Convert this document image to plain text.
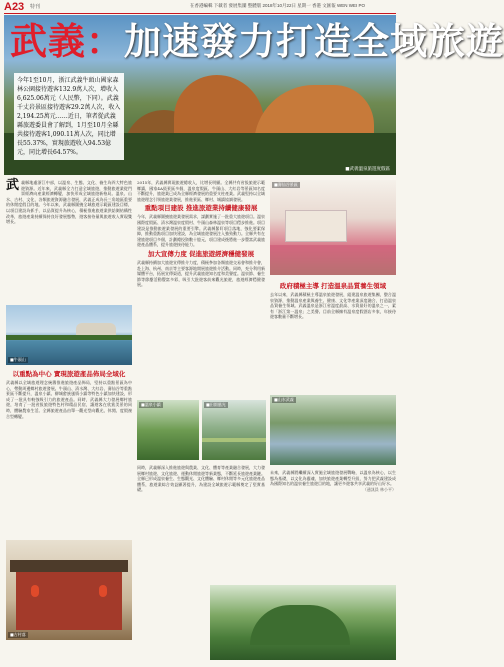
A23 特刊	在香港編輯 下載者 發展集團 整體版 2018年10月22日 星期一 香港 文匯報 WEN WEI PO
武義：加速發力打造全域旅遊
今年1至10月，浙江武義牛頭山國家森林公園接待遊客132.9萬人次，增收入6,625.06萬元（人民幣，下同）。武義千丈岩景區接待遊客29.2萬人次，收入2,194.25萬元……近日，筆者從武義縣旅遊委員會了解到，1月至10月全縣共接待遊客1,090.11萬人次，同比增長55.37%，實現旅遊收入94.53億元，同比增長64.57%。
■武義溫泉旅遊度假區
武義縣地處浙江中部，以溫泉、生態、文化、養生為四大特色旅遊資源。近年來，武義縣全力打造全域旅遊，推動旅遊業從門票經濟向產業經濟轉變，加快形成全域旅遊新格局。溫泉、山水、古村、文化，各類旅遊資源融合發展，武義正成為長三角地區重要的休閒度假目的地。今年以來，武義縣圍繞全域旅遊示範區建設目標，以項目建設為抓手，以品質提升為核心，積極推進旅遊業供給側結構性改革，旅遊產業持續保持良好發展態勢，遊客接待量與旅遊收入實現雙增長。
■牛頭山
以重點為中心 實現旅遊產品佈局全域化
武義縣以全域旅遊理念統籌推進旅遊產品佈局，堅持以重點景區為中心，帶動周邊鄉村旅遊發展。牛頭山、清水灣、大紅岩、壽仙谷等重點景區不斷提升，溫泉小鎮、柳城畲族風情小鎮等特色小鎮加快建設，形成了一批具有較強吸引力的旅遊產品。同時，武義縣大力發展鄉村旅遊，培育了一批省級旅遊特色村和精品民宿，讓遊客在欣賞美景的同時，體驗農家生活。全縣旅遊產品由單一觀光型向觀光、休閒、度假複合型轉變。
■古村落
2015年，武義縣實現旅遊總收入，比增長明顯。全縣共有省級旅遊示範鄉鎮，國家4A級景區多個，溫泉度假區、牛頭山、大紅岩等景區知名度不斷提升，旅遊業已成為全縣經濟發展的重要支柱產業。武義堅持以全域旅遊理念引領旅遊業發展，推進景區、鄉村、城鎮協調發展。
重點項目建設 推進旅遊業持續健康發展
今年，武義縣圍繞旅遊業發展需求，謀劃實施了一批重大旅遊項目。溫泉國際度假區、清水灣溫泉度假村、牛頭山森林溫泉等項目穩步推進。項目建設是推動旅遊業發展的重要引擎。武義縣緊盯項目落地，強化要素保障，推動重點項目加快建設，為全域旅遊發展注入強勁動力。全縣共有在建旅遊項目多個，計劃總投資數十億元，項目建成後將進一步豐富武義旅遊產品體系，提升旅遊接待能力。
加大宣傳力度 促進旅遊經濟穩健發展
武義縣持續加大旅遊宣傳推介力度，積極參加各類旅遊交易會和推介會，赴上海、杭州、南京等主要客源地開展旅遊推介活動。同時，充分利用新媒體平台，拓展宣傳渠道，提升武義旅遊知名度和美譽度。溫泉節、養生節等節慶活動豐富多彩，吸引大批遊客前來觀光旅遊，旅遊經濟穩健發展。
■溫泉小鎮	■田園風光
同時，武義縣深入推進旅遊與農業、文化、體育等產業融合發展，大力發展鄉村旅遊、文化旅遊、運動休閒旅遊等新業態，不斷延長旅遊產業鏈。全縣已形成溫泉養生、生態觀光、文化體驗、鄉村休閒等多元化旅遊產品體系，旅遊業綜合效益顯著提升，為建設全域旅遊示範縣奠定了堅實基礎。
■壽仙谷景區
政府積極主導 打造溫泉品質養生領域
去年以來，武義縣積極主導溫泉旅遊發展，組建溫泉旅遊集團，整合溫泉資源，推動溫泉產業與養生、健康、文化等產業深度融合，打造溫泉品質養生領域。武義溫泉是浙江省溫度最高、水質最好的溫泉之一，素有「浙江第一溫泉」之美譽。目前全縣擁有溫泉度假酒店多家，年接待遊客數量不斷增長。
■山水武義
未來，武義縣將繼續深入實施全域旅遊發展戰略，以溫泉為核心，以生態為基礎，以文化為靈魂，加快旅遊產業轉型升級，努力把武義建設成為國際知名的溫泉養生旅遊目的地，讓更多遊客共享武義的好山好水。
（通訊員 林小平）
